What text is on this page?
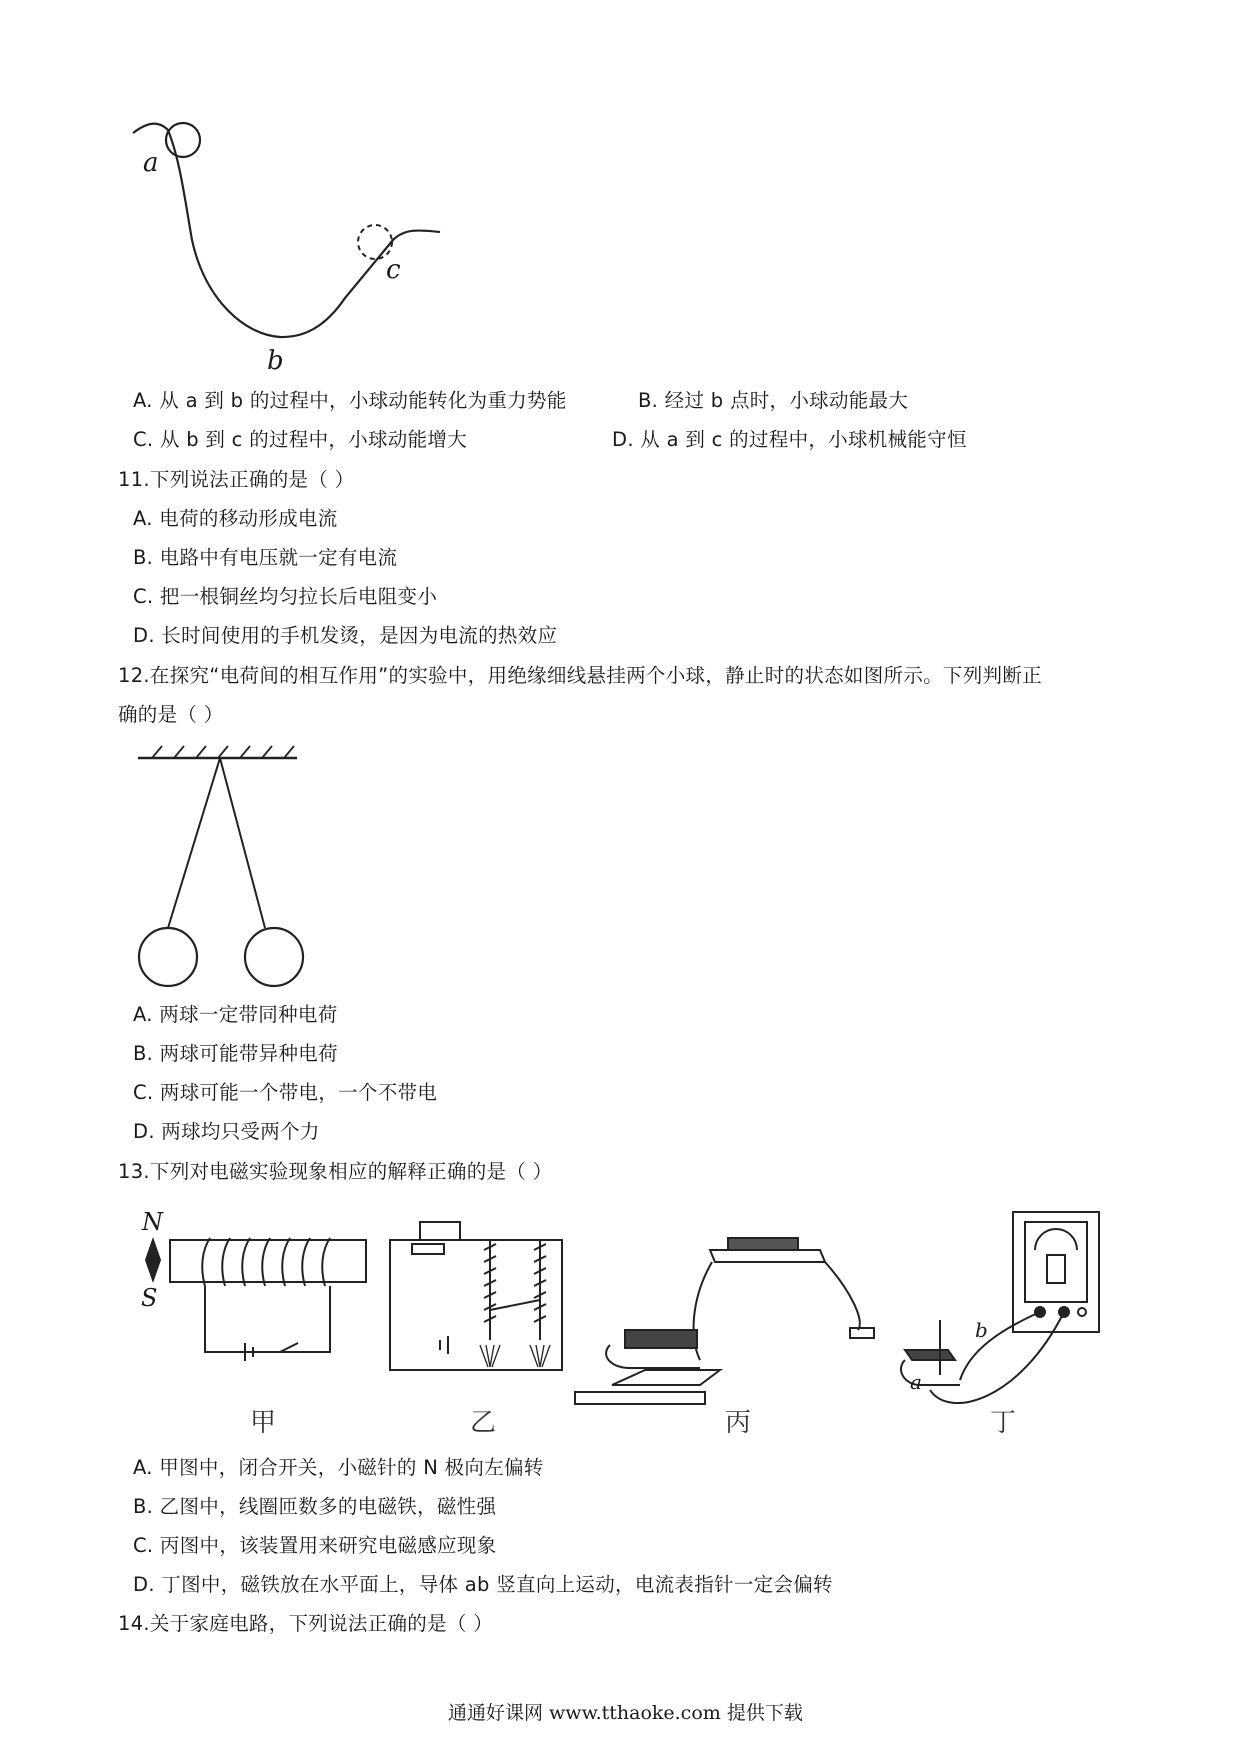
a
b
c
A. 从 a 到 b 的过程中，小球动能转化为重力势能	B. 经过 b 点时，小球动能最大
C. 从 b 到 c 的过程中，小球动能增大	D. 从 a 到 c 的过程中，小球机械能守恒
11.下列说法正确的是（ ）
A. 电荷的移动形成电流
B. 电路中有电压就一定有电流
C. 把一根铜丝均匀拉长后电阻变小
D. 长时间使用的手机发烫，是因为电流的热效应
12.在探究“电荷间的相互作用”的实验中，用绝缘细线悬挂两个小球，静止时的状态如图所示。下列判断正
确的是（ ）
A. 两球一定带同种电荷
B. 两球可能带异种电荷
C. 两球可能一个带电，一个不带电
D. 两球均只受两个力
13.下列对电磁实验现象相应的解释正确的是（ ）
N
S
b
a
甲	乙	丙	丁
A. 甲图中，闭合开关，小磁针的 N 极向左偏转
B. 乙图中，线圈匝数多的电磁铁，磁性强
C. 丙图中，该装置用来研究电磁感应现象
D. 丁图中，磁铁放在水平面上，导体 ab 竖直向上运动，电流表指针一定会偏转
14.关于家庭电路，下列说法正确的是（ ）
通通好课网 www.tthaoke.com 提供下载
